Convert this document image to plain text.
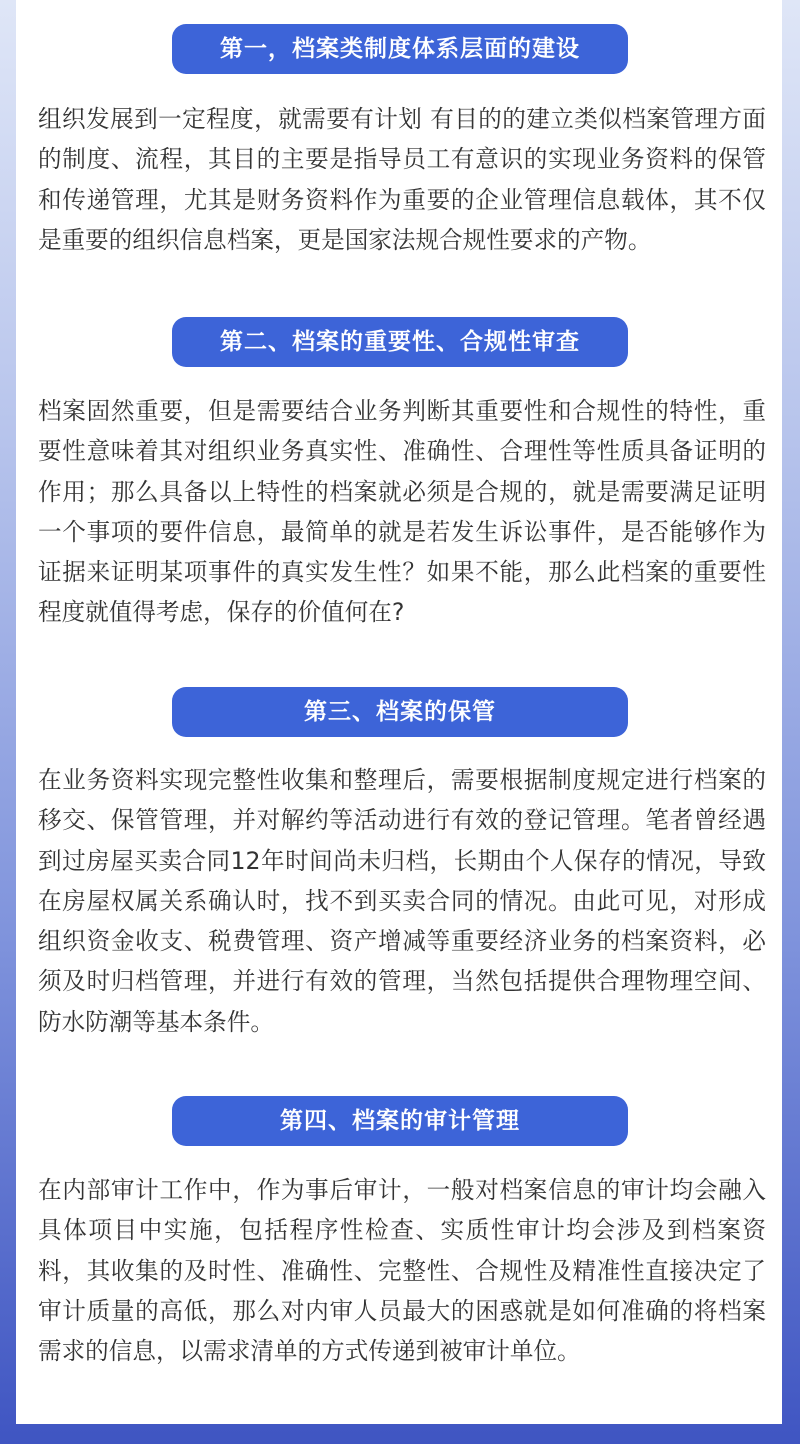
第一，档案类制度体系层面的建设

组织发展到一定程度，就需要有计划 有目的的建立类似档案管理方面的制度、流程，其目的主要是指导员工有意识的实现业务资料的保管和传递管理，尤其是财务资料作为重要的企业管理信息载体，其不仅是重要的组织信息档案，更是国家法规合规性要求的产物。

第二、档案的重要性、合规性审查

档案固然重要，但是需要结合业务判断其重要性和合规性的特性，重要性意味着其对组织业务真实性、准确性、合理性等性质具备证明的作用；那么具备以上特性的档案就必须是合规的，就是需要满足证明一个事项的要件信息，最简单的就是若发生诉讼事件，是否能够作为证据来证明某项事件的真实发生性？如果不能，那么此档案的重要性程度就值得考虑，保存的价值何在?

第三、档案的保管

在业务资料实现完整性收集和整理后，需要根据制度规定进行档案的移交、保管管理，并对解约等活动进行有效的登记管理。笔者曾经遇到过房屋买卖合同12年时间尚未归档，长期由个人保存的情况，导致在房屋权属关系确认时，找不到买卖合同的情况。由此可见，对形成组织资金收支、税费管理、资产增减等重要经济业务的档案资料，必须及时归档管理，并进行有效的管理，当然包括提供合理物理空间、防水防潮等基本条件。

第四、档案的审计管理

在内部审计工作中，作为事后审计，一般对档案信息的审计均会融入具体项目中实施，包括程序性检查、实质性审计均会涉及到档案资料，其收集的及时性、准确性、完整性、合规性及精准性直接决定了审计质量的高低，那么对内审人员最大的困惑就是如何准确的将档案需求的信息，以需求清单的方式传递到被审计单位。
